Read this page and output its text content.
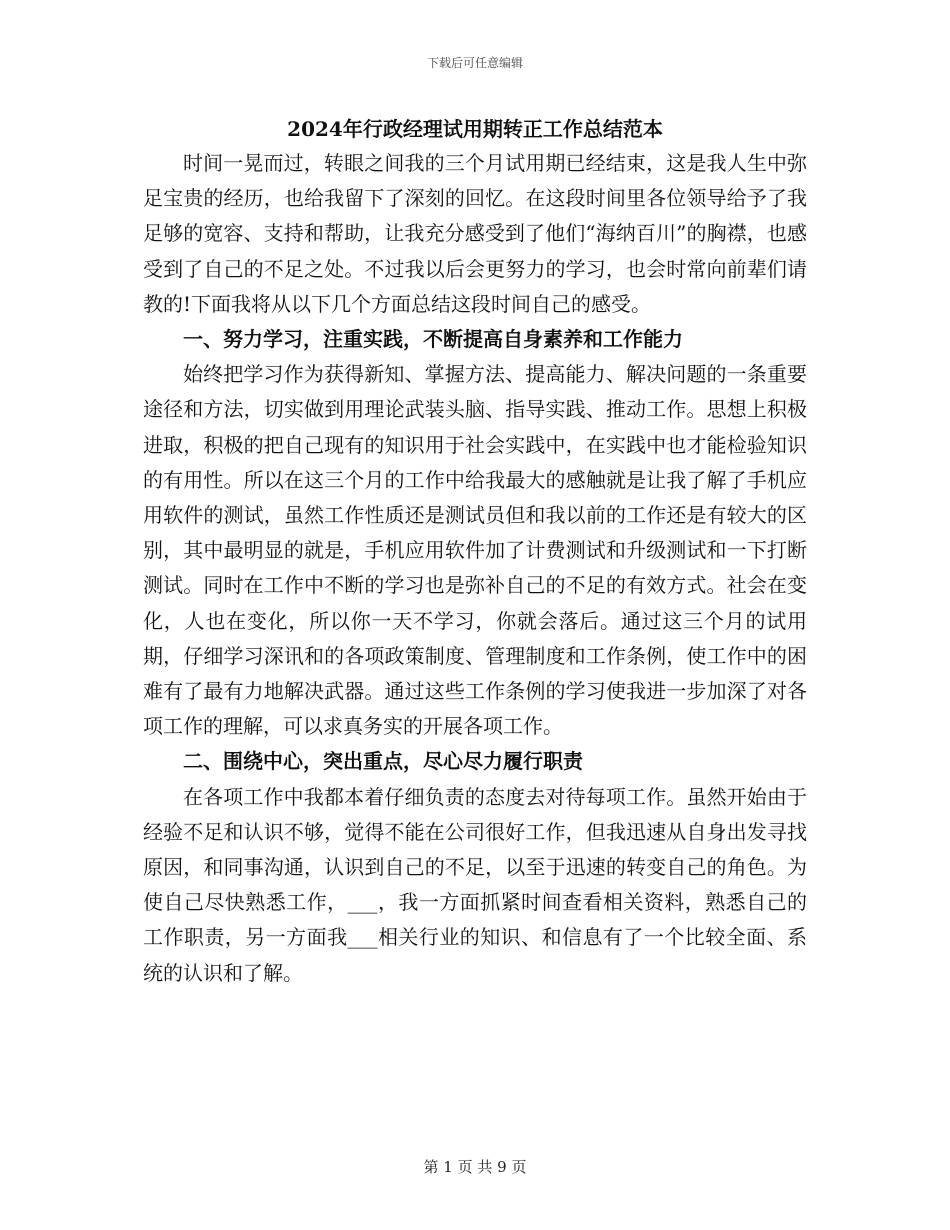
下载后可任意编辑
2024年行政经理试用期转正工作总结范本

时间一晃而过，转眼之间我的三个月试用期已经结束，这是我人生中弥足宝贵的经历，也给我留下了深刻的回忆。在这段时间里各位领导给予了我足够的宽容、支持和帮助，让我充分感受到了他们“海纳百川”的胸襟，也感受到了自己的不足之处。不过我以后会更努力的学习，也会时常向前辈们请教的!下面我将从以下几个方面总结这段时间自己的感受。

一、努力学习，注重实践，不断提高自身素养和工作能力

始终把学习作为获得新知、掌握方法、提高能力、解决问题的一条重要途径和方法，切实做到用理论武装头脑、指导实践、推动工作。思想上积极进取，积极的把自己现有的知识用于社会实践中，在实践中也才能检验知识的有用性。所以在这三个月的工作中给我最大的感触就是让我了解了手机应用软件的测试，虽然工作性质还是测试员但和我以前的工作还是有较大的区别，其中最明显的就是，手机应用软件加了计费测试和升级测试和一下打断测试。同时在工作中不断的学习也是弥补自己的不足的有效方式。社会在变化，人也在变化，所以你一天不学习，你就会落后。通过这三个月的试用期，仔细学习深讯和的各项政策制度、管理制度和工作条例，使工作中的困难有了最有力地解决武器。通过这些工作条例的学习使我进一步加深了对各项工作的理解，可以求真务实的开展各项工作。

二、围绕中心，突出重点，尽心尽力履行职责

在各项工作中我都本着仔细负责的态度去对待每项工作。虽然开始由于经验不足和认识不够，觉得不能在公司很好工作，但我迅速从自身出发寻找原因，和同事沟通，认识到自己的不足，以至于迅速的转变自己的角色。为使自己尽快熟悉工作，___，我一方面抓紧时间查看相关资料，熟悉自己的工作职责，另一方面我___相关行业的知识、和信息有了一个比较全面、系统的认识和了解。

第 1 页 共 9 页
